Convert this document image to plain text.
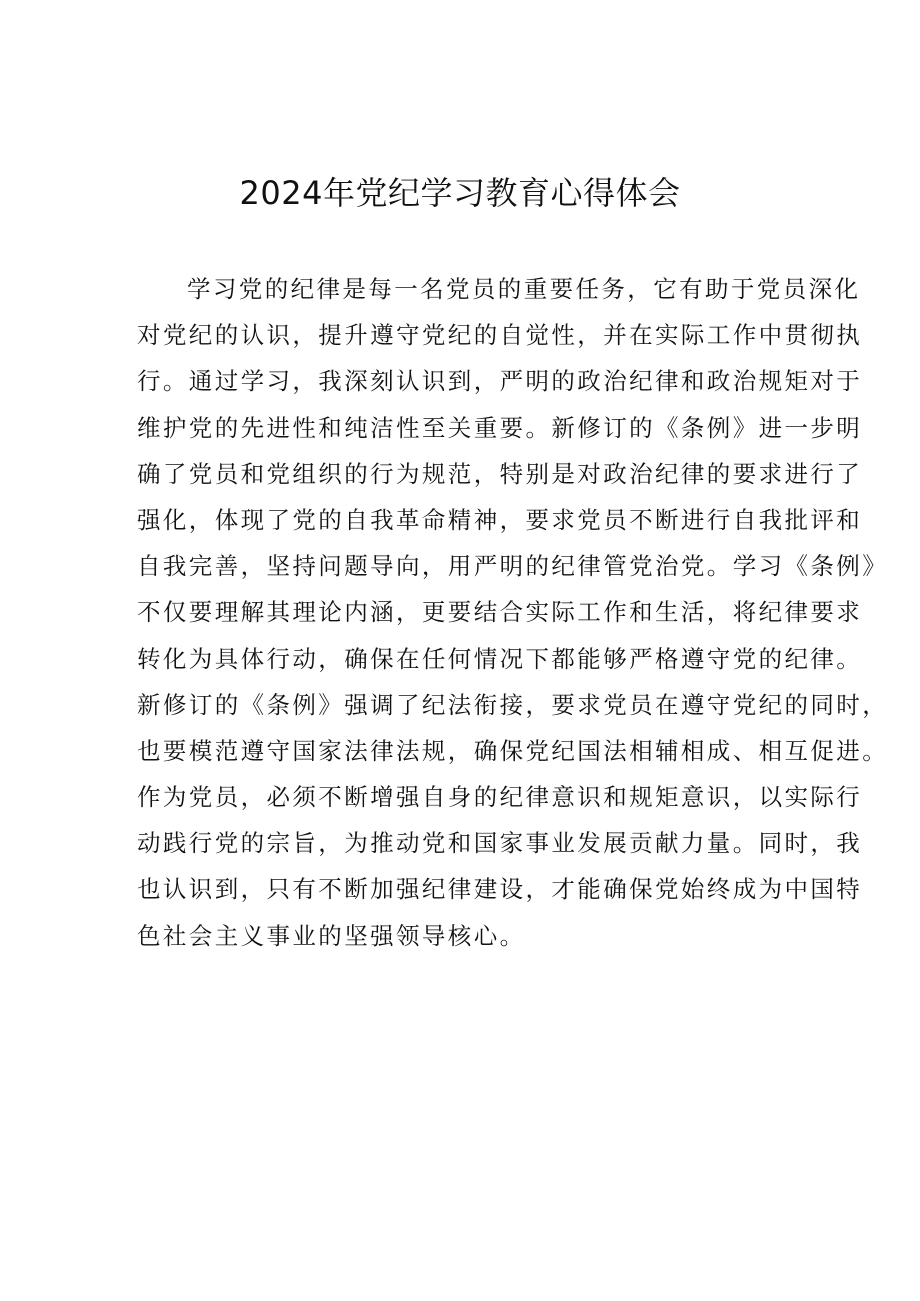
2024年党纪学习教育心得体会
学习党的纪律是每一名党员的重要任务，它有助于党员深化
对党纪的认识，提升遵守党纪的自觉性，并在实际工作中贯彻执
行。通过学习，我深刻认识到，严明的政治纪律和政治规矩对于
维护党的先进性和纯洁性至关重要。新修订的《条例》进一步明
确了党员和党组织的行为规范，特别是对政治纪律的要求进行了
强化，体现了党的自我革命精神，要求党员不断进行自我批评和
自我完善，坚持问题导向，用严明的纪律管党治党。学习《条例》
不仅要理解其理论内涵，更要结合实际工作和生活，将纪律要求
转化为具体行动，确保在任何情况下都能够严格遵守党的纪律。
新修订的《条例》强调了纪法衔接，要求党员在遵守党纪的同时，
也要模范遵守国家法律法规，确保党纪国法相辅相成、相互促进。
作为党员，必须不断增强自身的纪律意识和规矩意识，以实际行
动践行党的宗旨，为推动党和国家事业发展贡献力量。同时，我
也认识到，只有不断加强纪律建设，才能确保党始终成为中国特
色社会主义事业的坚强领导核心。
